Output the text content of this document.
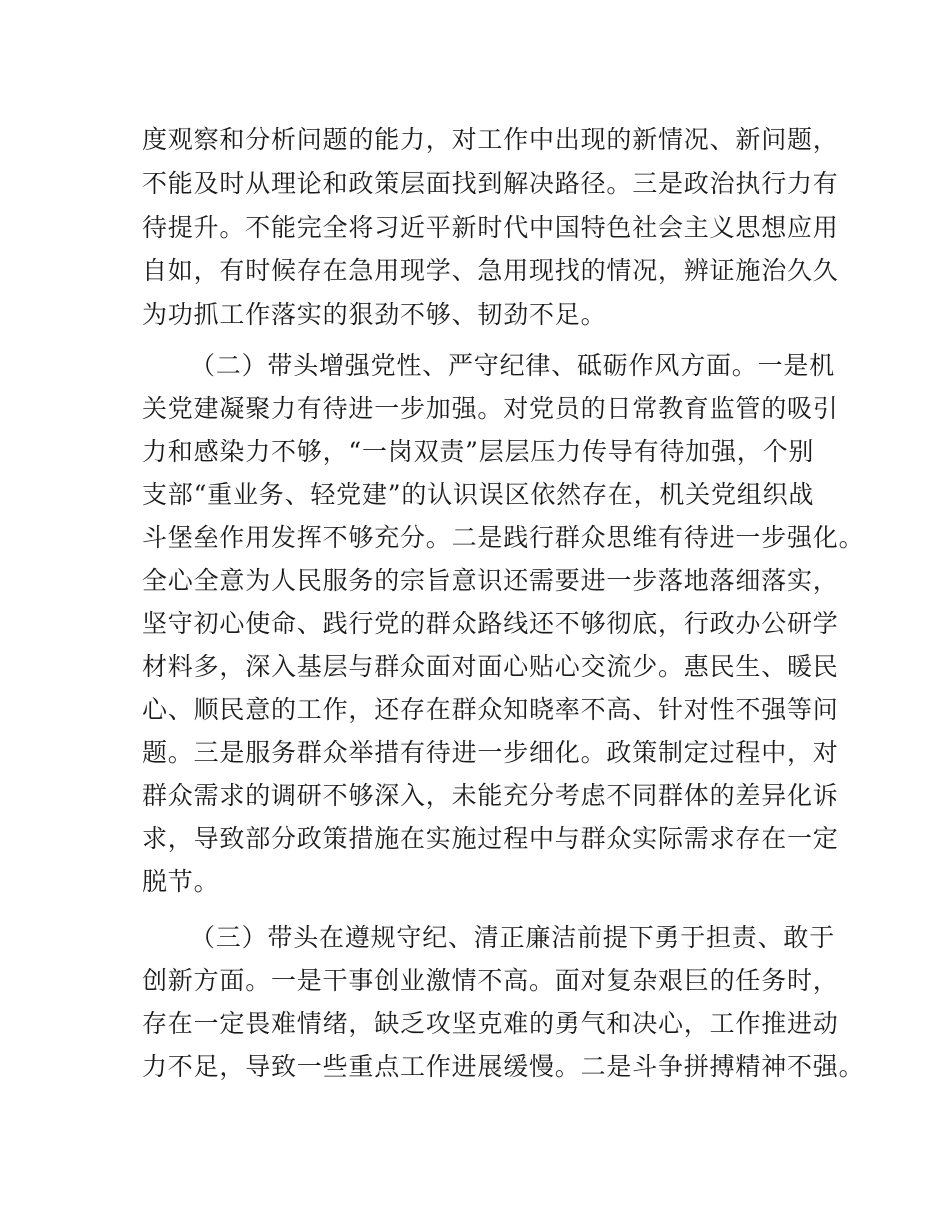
度观察和分析问题的能力，对工作中出现的新情况、新问题，
不能及时从理论和政策层面找到解决路径。三是政治执行力有
待提升。不能完全将习近平新时代中国特色社会主义思想应用
自如，有时候存在急用现学、急用现找的情况，辨证施治久久
为功抓工作落实的狠劲不够、韧劲不足。
（二）带头增强党性、严守纪律、砥砺作风方面。一是机
关党建凝聚力有待进一步加强。对党员的日常教育监管的吸引
力和感染力不够，“一岗双责”层层压力传导有待加强，个别
支部“重业务、轻党建”的认识误区依然存在，机关党组织战
斗堡垒作用发挥不够充分。二是践行群众思维有待进一步强化。
全心全意为人民服务的宗旨意识还需要进一步落地落细落实，
坚守初心使命、践行党的群众路线还不够彻底，行政办公研学
材料多，深入基层与群众面对面心贴心交流少。惠民生、暖民
心、顺民意的工作，还存在群众知晓率不高、针对性不强等问
题。三是服务群众举措有待进一步细化。政策制定过程中，对
群众需求的调研不够深入，未能充分考虑不同群体的差异化诉
求，导致部分政策措施在实施过程中与群众实际需求存在一定
脱节。
（三）带头在遵规守纪、清正廉洁前提下勇于担责、敢于
创新方面。一是干事创业激情不高。面对复杂艰巨的任务时，
存在一定畏难情绪，缺乏攻坚克难的勇气和决心，工作推进动
力不足，导致一些重点工作进展缓慢。二是斗争拼搏精神不强。
